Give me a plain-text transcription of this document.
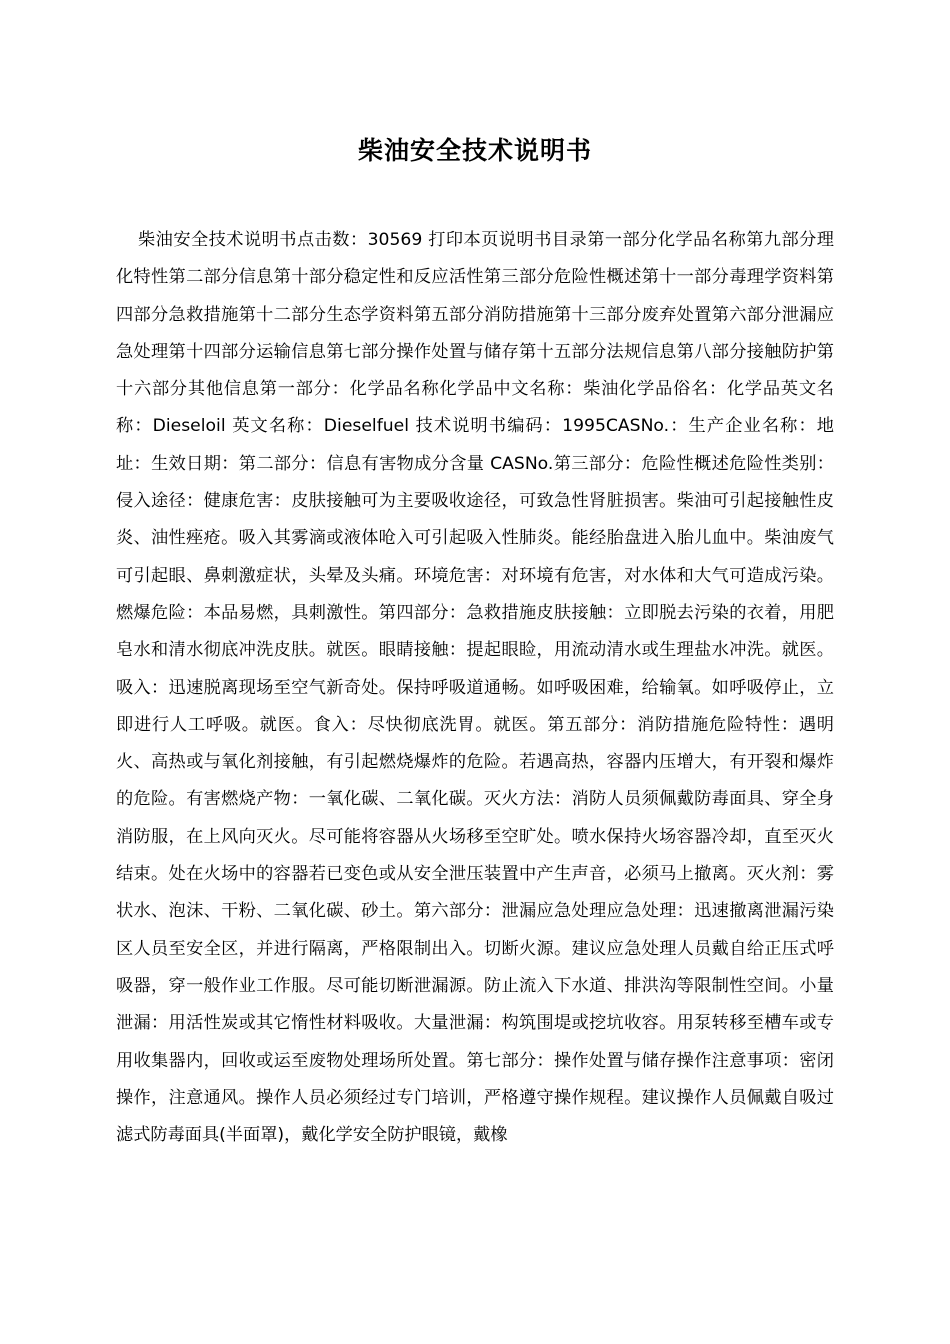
柴油安全技术说明书

柴油安全技术说明书点击数：30569 打印本页说明书目录第一部分化学品名称第九部分理化特性第二部分信息第十部分稳定性和反应活性第三部分危险性概述第十一部分毒理学资料第四部分急救措施第十二部分生态学资料第五部分消防措施第十三部分废弃处置第六部分泄漏应急处理第十四部分运输信息第七部分操作处置与储存第十五部分法规信息第八部分接触防护第十六部分其他信息第一部分：化学品名称化学品中文名称：柴油化学品俗名：化学品英文名称：Dieseloil 英文名称：Dieselfuel 技术说明书编码：1995CASNo.：生产企业名称：地址：生效日期：第二部分：信息有害物成分含量 CASNo.第三部分：危险性概述危险性类别：侵入途径：健康危害：皮肤接触可为主要吸收途径，可致急性肾脏损害。柴油可引起接触性皮炎、油性痤疮。吸入其雾滴或液体呛入可引起吸入性肺炎。能经胎盘进入胎儿血中。柴油废气可引起眼、鼻刺激症状，头晕及头痛。环境危害：对环境有危害，对水体和大气可造成污染。燃爆危险：本品易燃，具刺激性。第四部分：急救措施皮肤接触：立即脱去污染的衣着，用肥皂水和清水彻底冲洗皮肤。就医。眼睛接触：提起眼睑，用流动清水或生理盐水冲洗。就医。吸入：迅速脱离现场至空气新奇处。保持呼吸道通畅。如呼吸困难，给输氧。如呼吸停止，立即进行人工呼吸。就医。食入：尽快彻底洗胃。就医。第五部分：消防措施危险特性：遇明火、高热或与氧化剂接触，有引起燃烧爆炸的危险。若遇高热，容器内压增大，有开裂和爆炸的危险。有害燃烧产物：一氧化碳、二氧化碳。灭火方法：消防人员须佩戴防毒面具、穿全身消防服，在上风向灭火。尽可能将容器从火场移至空旷处。喷水保持火场容器冷却，直至灭火结束。处在火场中的容器若已变色或从安全泄压装置中产生声音，必须马上撤离。灭火剂：雾状水、泡沫、干粉、二氧化碳、砂土。第六部分：泄漏应急处理应急处理：迅速撤离泄漏污染区人员至安全区，并进行隔离，严格限制出入。切断火源。建议应急处理人员戴自给正压式呼吸器，穿一般作业工作服。尽可能切断泄漏源。防止流入下水道、排洪沟等限制性空间。小量泄漏：用活性炭或其它惰性材料吸收。大量泄漏：构筑围堤或挖坑收容。用泵转移至槽车或专用收集器内，回收或运至废物处理场所处置。第七部分：操作处置与储存操作注意事项：密闭操作，注意通风。操作人员必须经过专门培训，严格遵守操作规程。建议操作人员佩戴自吸过滤式防毒面具(半面罩)，戴化学安全防护眼镜，戴橡
